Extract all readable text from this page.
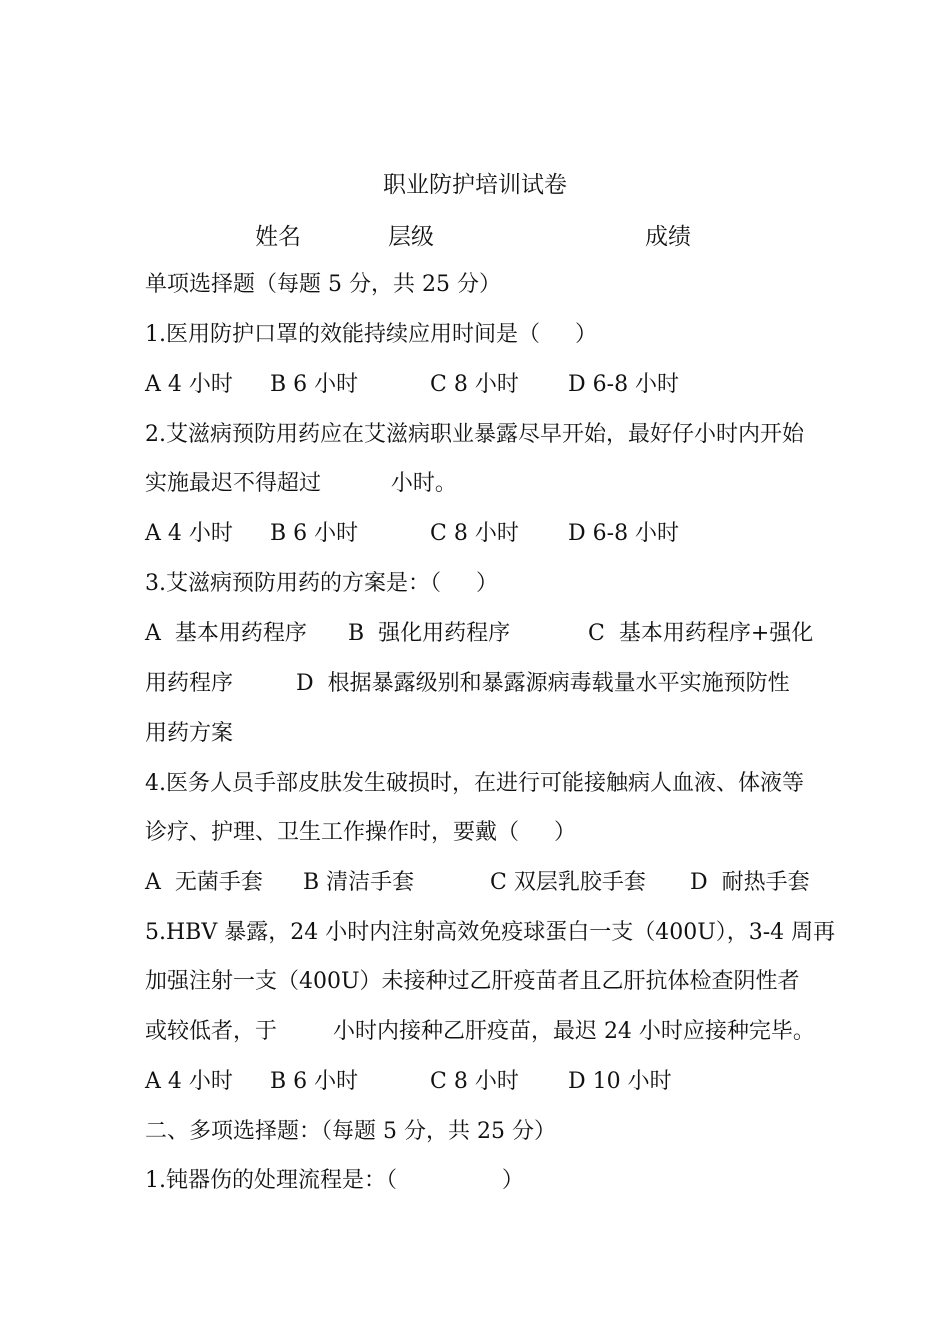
职业防护培训试卷
姓名	层级	成绩
单项选择题（每题 5 分，共 25 分）
1.医用防护口罩的效能持续应用时间是（     ）
A 4 小时 B 6 小时	C 8 小时 D 6-8 小时
2.艾滋病预防用药应在艾滋病职业暴露尽早开始，最好仔小时内开始
实施最迟不得超过          小时。
A 4 小时 B 6 小时	C 8 小时 D 6-8 小时
3.艾滋病预防用药的方案是：（     ）
A  基本用药程序 B  强化用药程序	C  基本用药程序+强化
用药程序	D  根据暴露级别和暴露源病毒载量水平实施预防性
用药方案
4.医务人员手部皮肤发生破损时，在进行可能接触病人血液、体液等
诊疗、护理、卫生工作操作时，要戴（     ）
A  无菌手套 B 清洁手套	C 双层乳胶手套 D  耐热手套
5.HBV 暴露，24 小时内注射高效免疫球蛋白一支（400U），3-4 周再
加强注射一支（400U）未接种过乙肝疫苗者且乙肝抗体检查阴性者
或较低者，于        小时内接种乙肝疫苗，最迟 24 小时应接种完毕。
A 4 小时 B 6 小时	C 8 小时 D 10 小时
二、多项选择题：（每题 5 分，共 25 分）
1.钝器伤的处理流程是：（               ）
